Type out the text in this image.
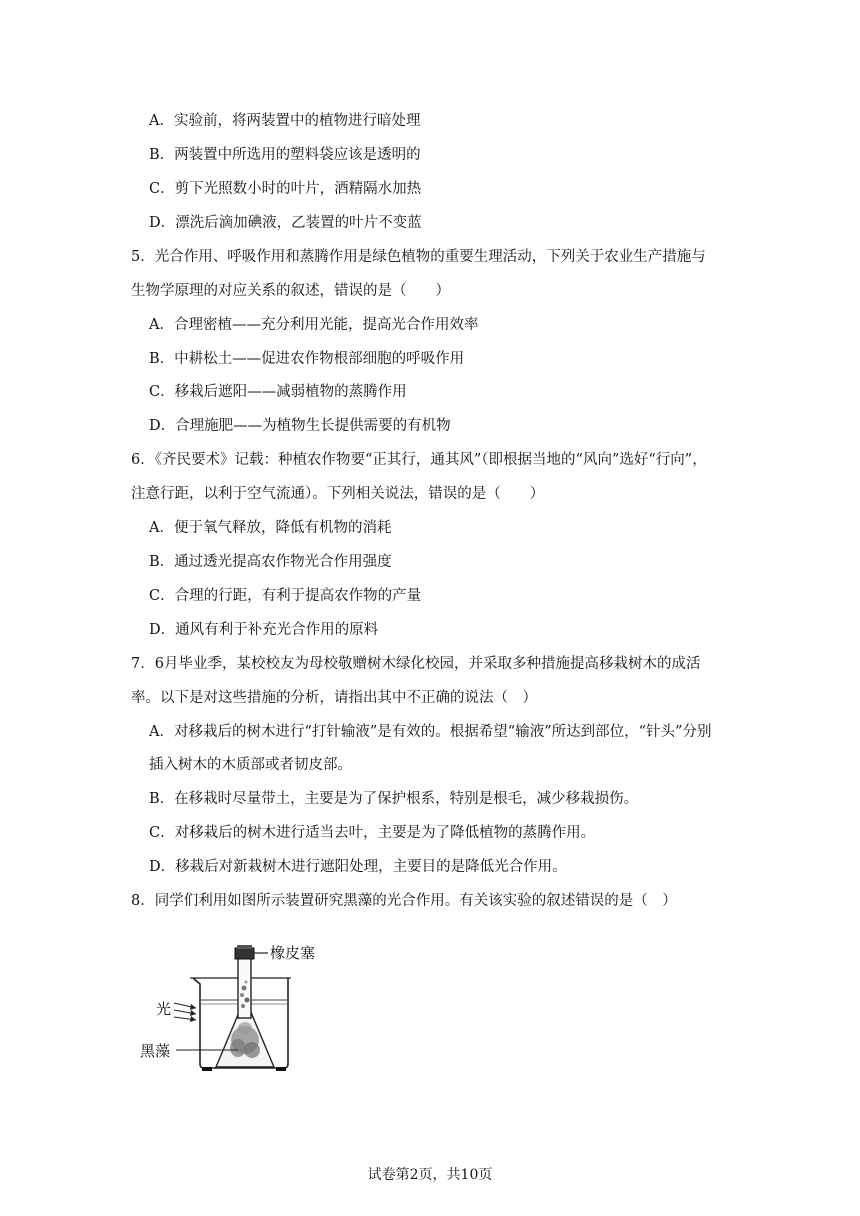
A．实验前，将两装置中的植物进行暗处理
B．两装置中所选用的塑料袋应该是透明的
C．剪下光照数小时的叶片，酒精隔水加热
D．漂洗后滴加碘液，乙装置的叶片不变蓝
5．光合作用、呼吸作用和蒸腾作用是绿色植物的重要生理活动，下列关于农业生产措施与
生物学原理的对应关系的叙述，错误的是（　　）
A．合理密植——充分利用光能，提高光合作用效率
B．中耕松土——促进农作物根部细胞的呼吸作用
C．移栽后遮阳——减弱植物的蒸腾作用
D．合理施肥——为植物生长提供需要的有机物
6．《齐民要术》记载：种植农作物要“正其行，通其风”（即根据当地的“风向”选好“行向”，
注意行距，以利于空气流通）。下列相关说法，错误的是（　　）
A．便于氧气释放，降低有机物的消耗
B．通过透光提高农作物光合作用强度
C．合理的行距，有利于提高农作物的产量
D．通风有利于补充光合作用的原料
7．6月毕业季，某校校友为母校敬赠树木绿化校园，并采取多种措施提高移栽树木的成活
率。以下是对这些措施的分析，请指出其中不正确的说法（　）
A．对移栽后的树木进行“打针输液”是有效的。根据希望“输液”所达到部位，“针头”分别
插入树木的木质部或者韧皮部。
B．在移栽时尽量带土，主要是为了保护根系，特别是根毛，减少移栽损伤。
C．对移栽后的树木进行适当去叶，主要是为了降低植物的蒸腾作用。
D．移栽后对新栽树木进行遮阳处理，主要目的是降低光合作用。
8．同学们利用如图所示装置研究黑藻的光合作用。有关该实验的叙述错误的是（　）
橡皮塞
光
黑藻
试卷第2页，共10页
